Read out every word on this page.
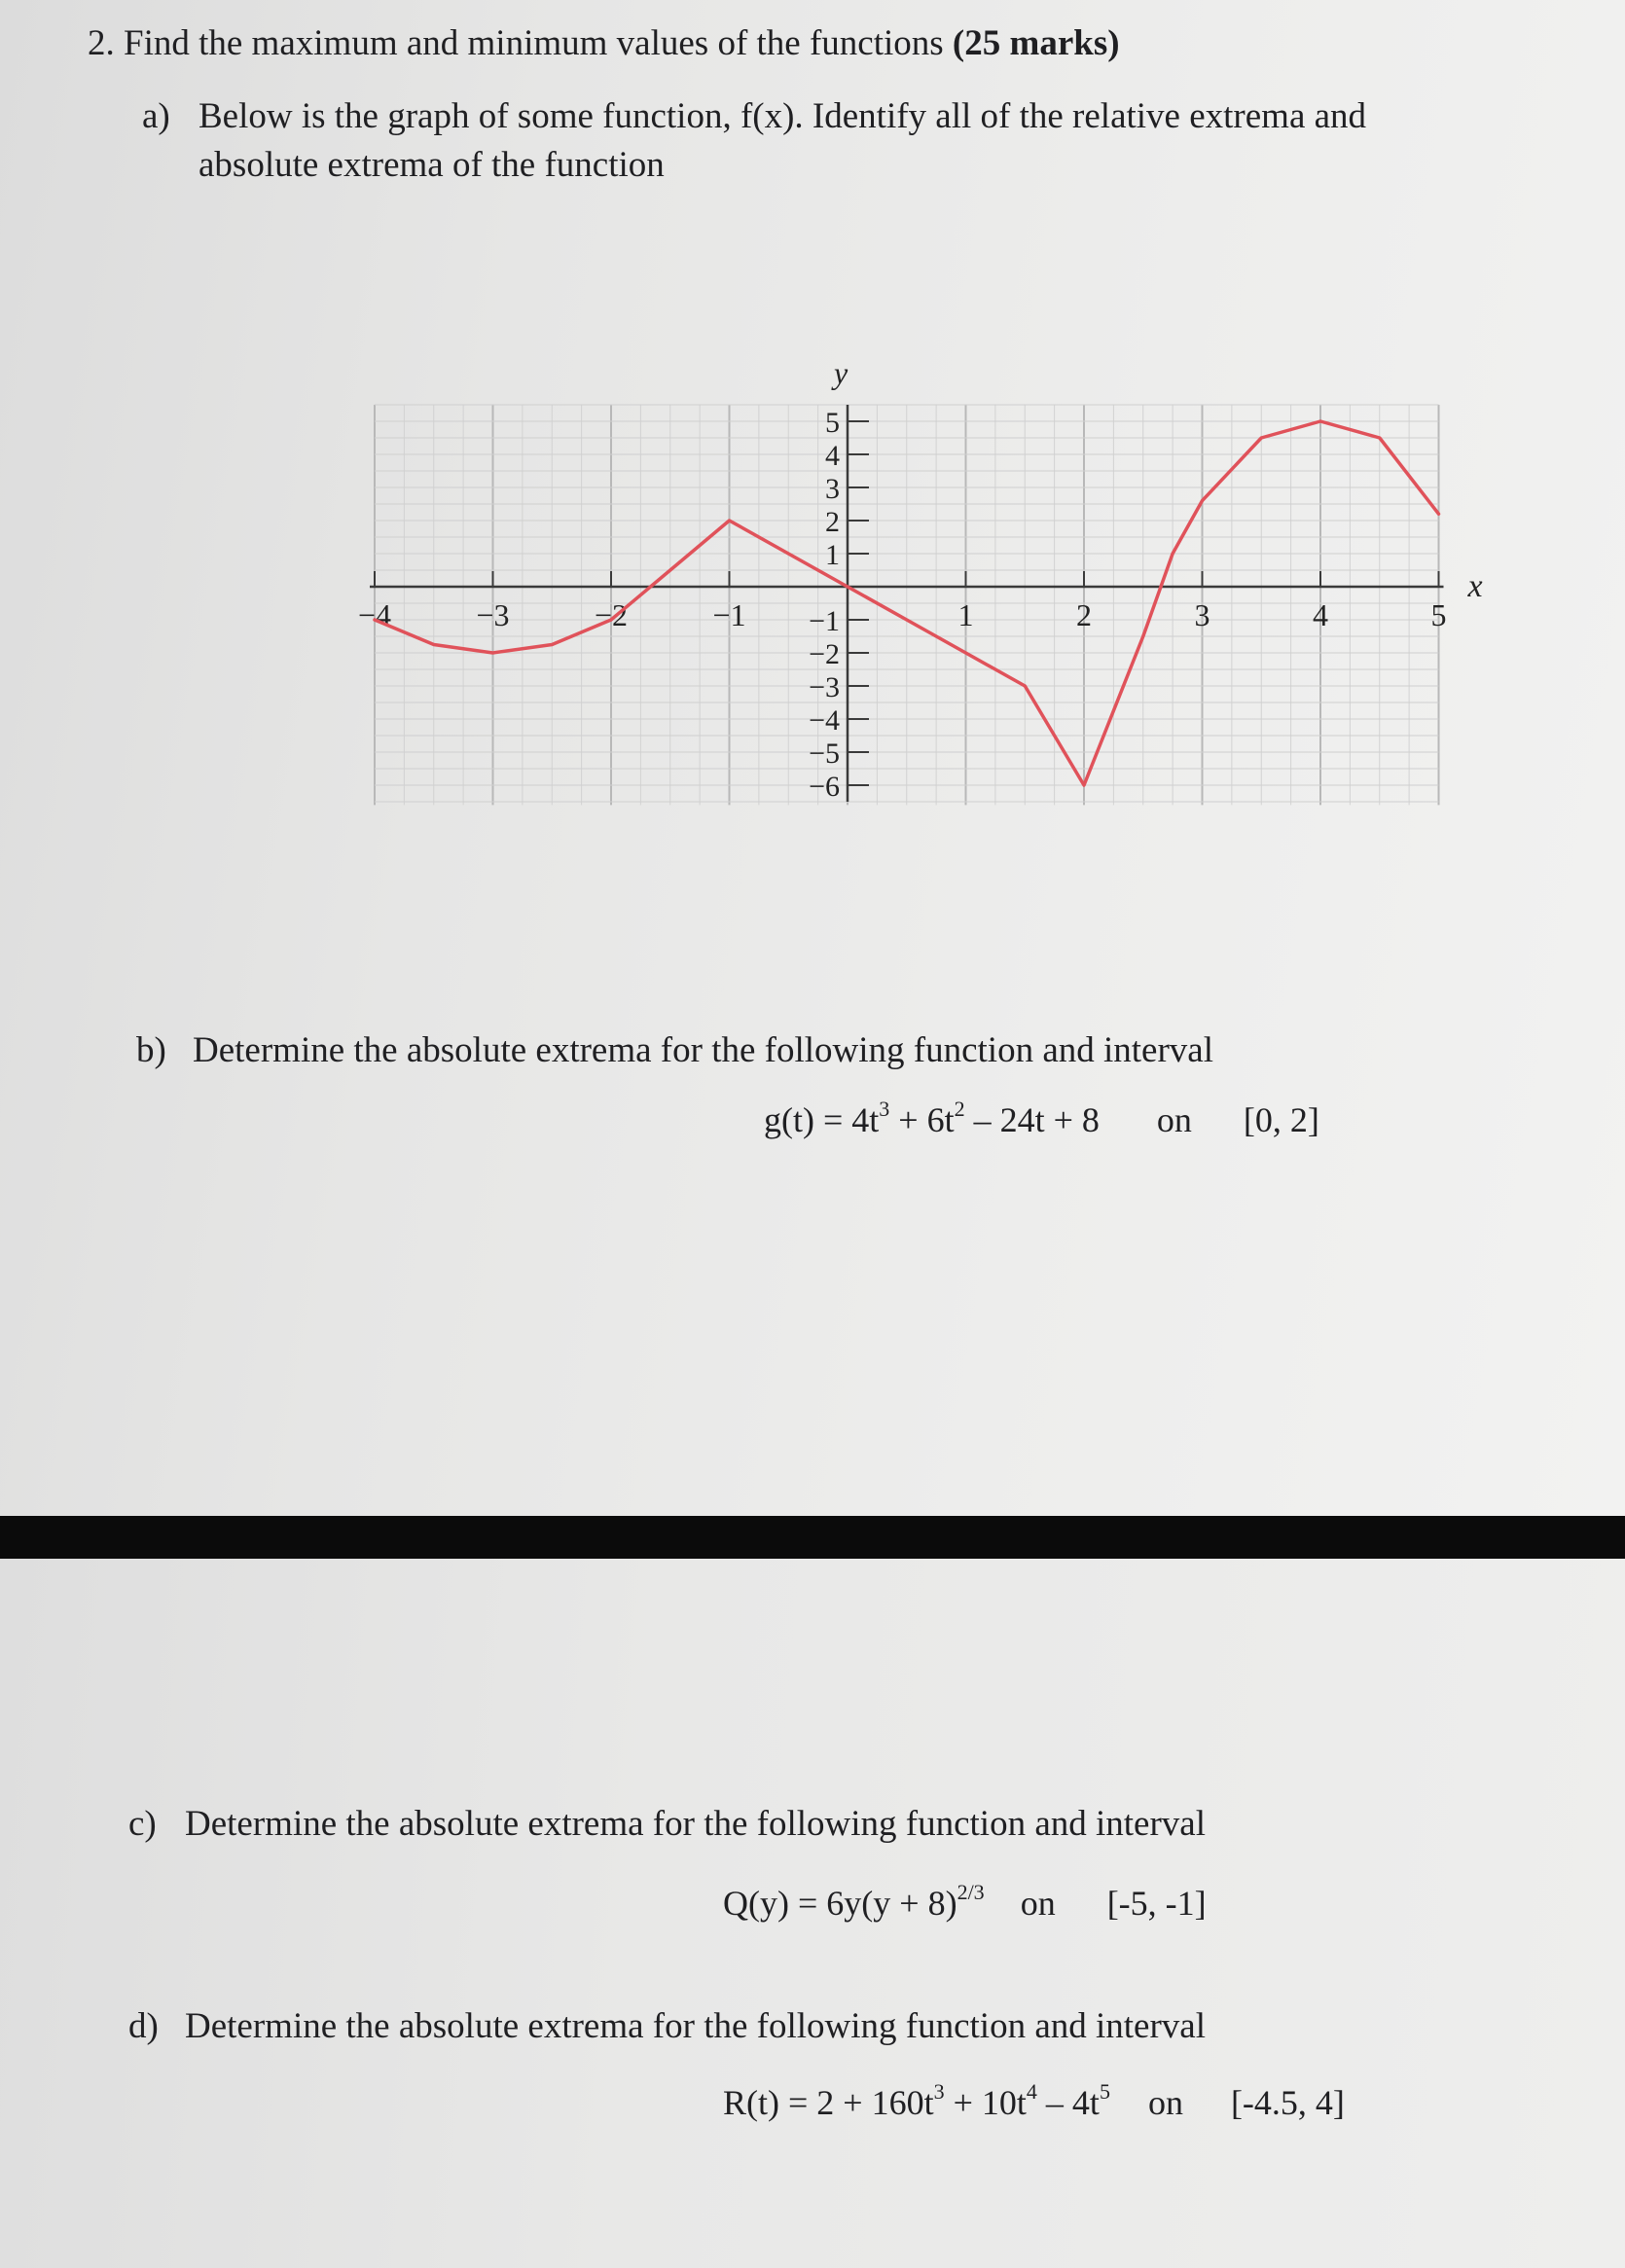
2. Find the maximum and minimum values of the functions (25 marks)
a) Below is the graph of some function, f(x). Identify all of the relative extrema and
absolute extrema of the function
x
y
−4	−3	−2	−1	1	2	3	4	5
5
4
3
2
1
−1
−2
−3
−4
−5
−6
b) Determine the absolute extrema for the following function and interval
$g(t) = 4t^3 + 6t^2 - 24t + 8$ on [0, 2]
c) Determine the absolute extrema for the following function and interval
$Q(y) = 6y(y + 8)^{2/3}$ on [-5, -1]
d) Determine the absolute extrema for the following function and interval
$R(t) = 2 + 160t^3 + 10t^4 - 4t^5$ on [-4.5, 4]
